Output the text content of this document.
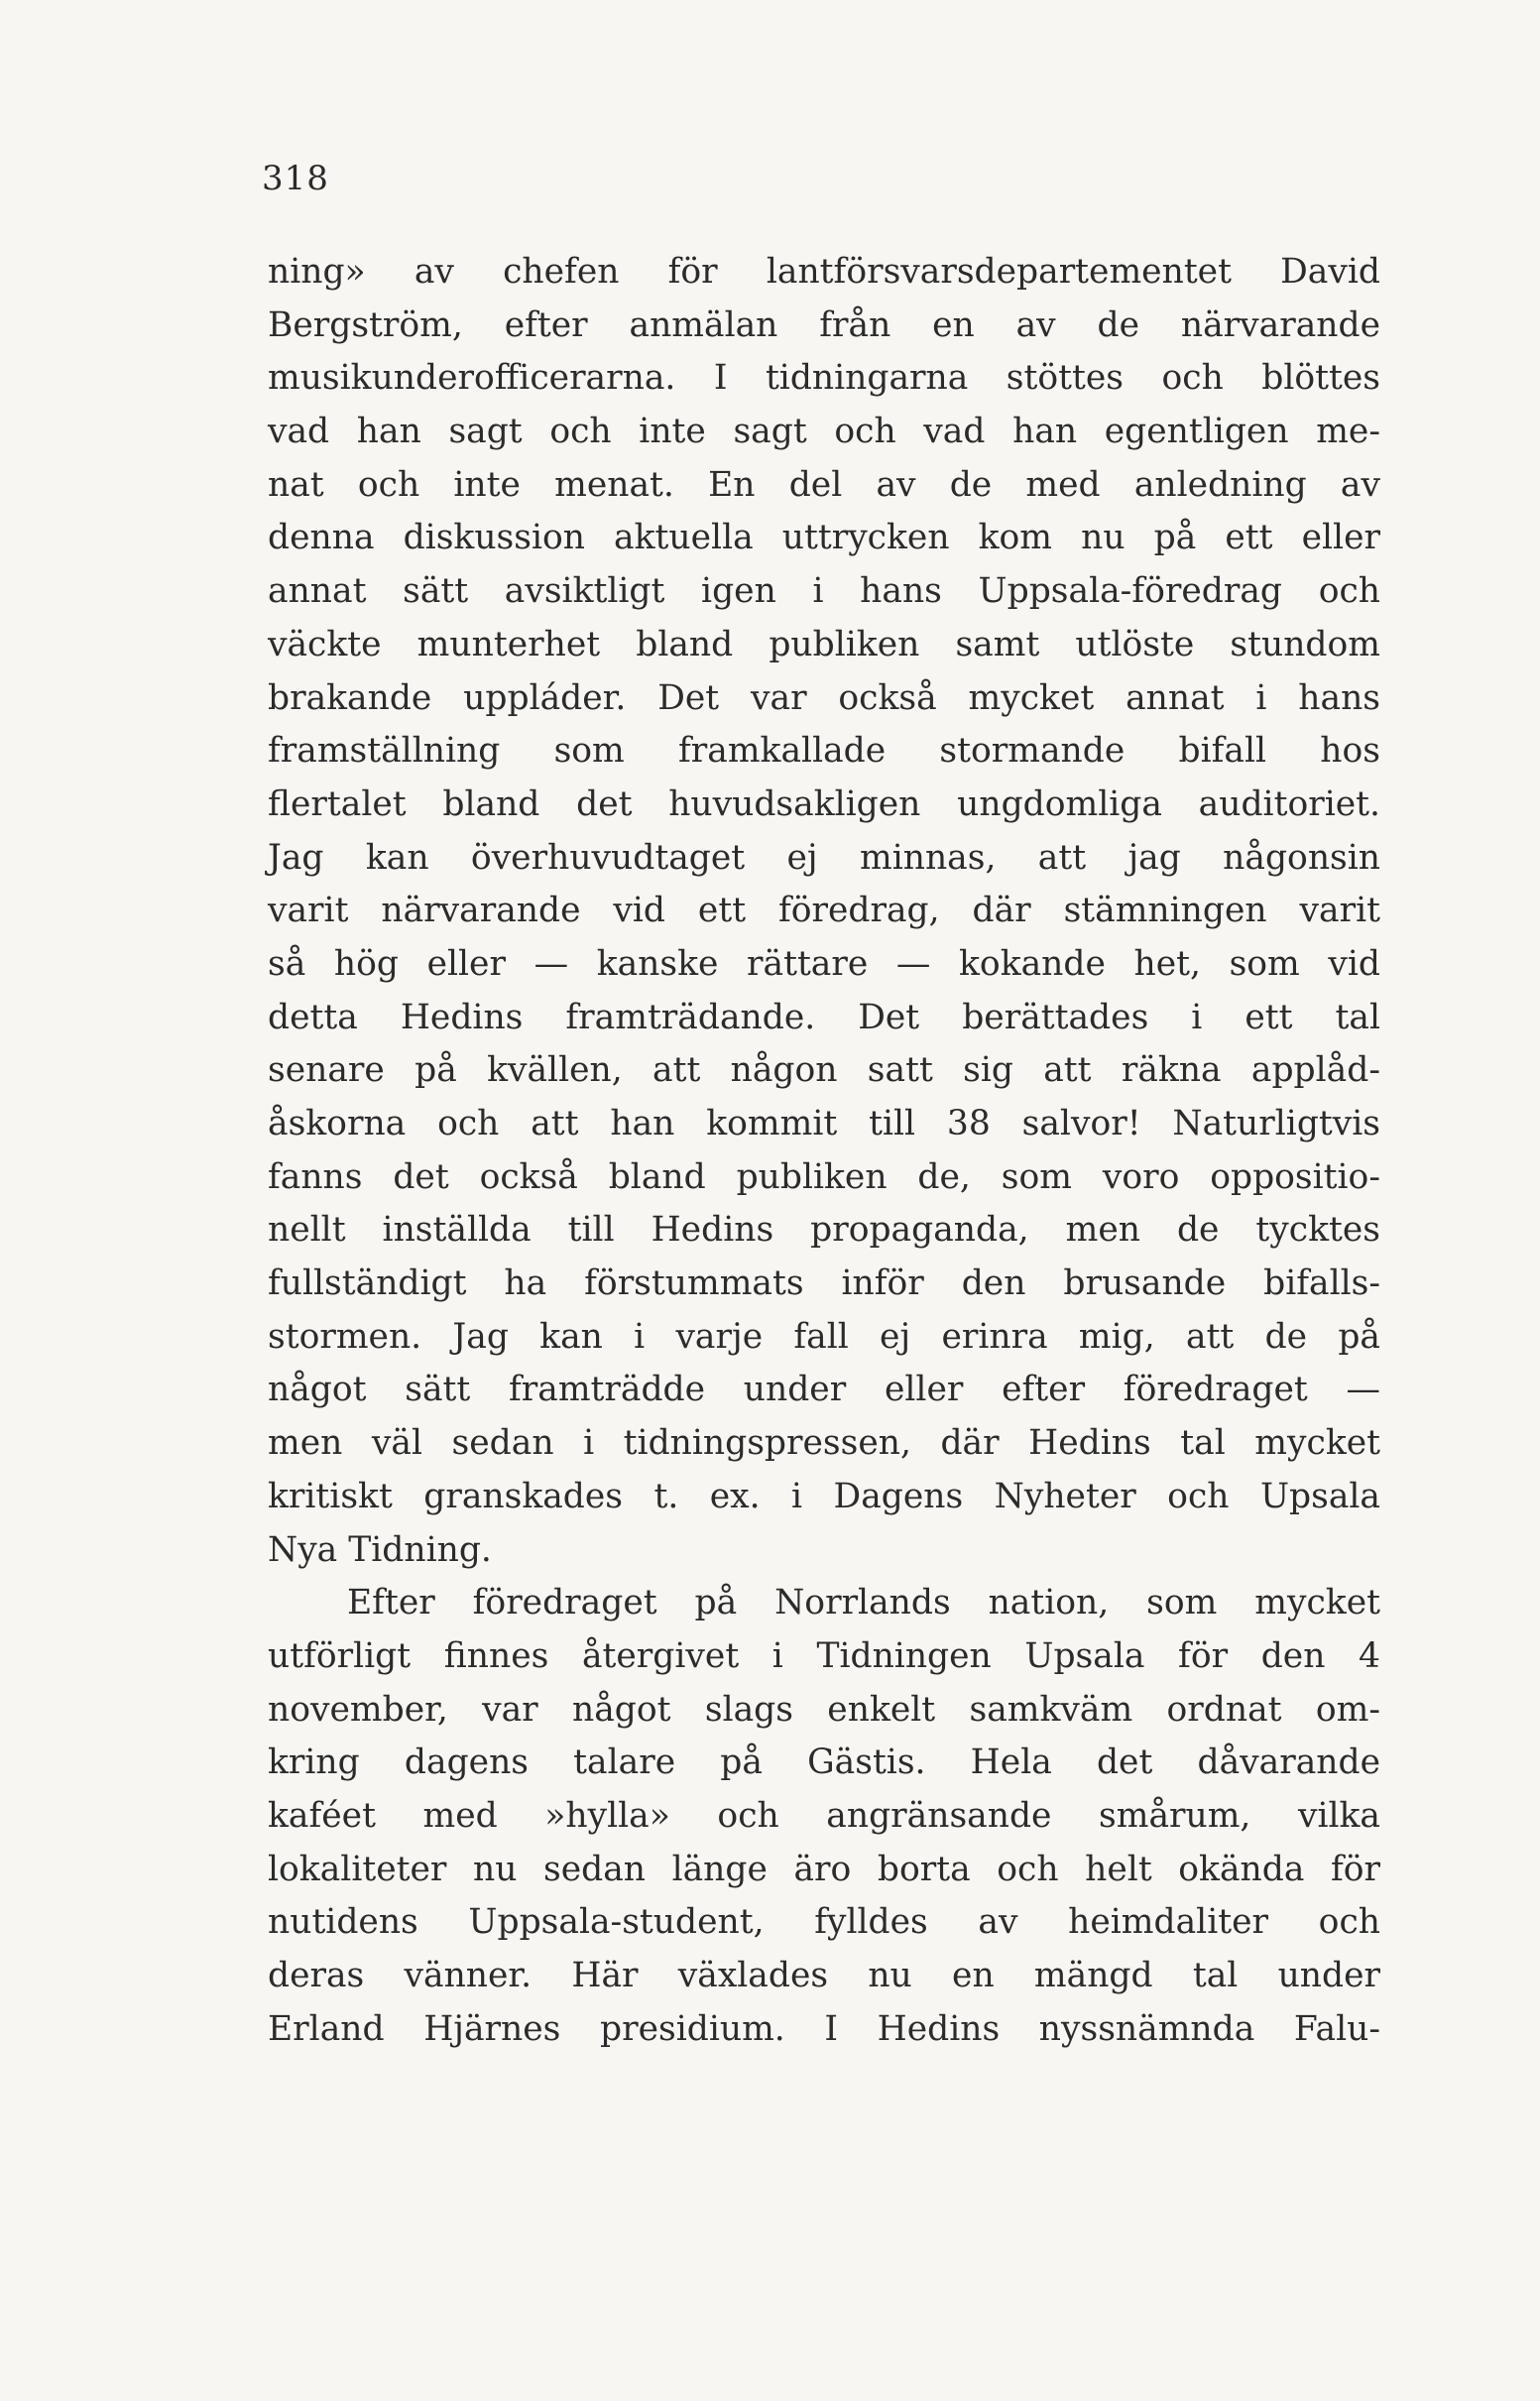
318
ning» av chefen för lantförsvarsdepartementet David
Bergström, efter anmälan från en av de närvarande
musikunderofficerarna. I tidningarna stöttes och blöttes
vad han sagt och inte sagt och vad han egentligen me-
nat och inte menat. En del av de med anledning av
denna diskussion aktuella uttrycken kom nu på ett eller
annat sätt avsiktligt igen i hans Uppsala-föredrag och
väckte munterhet bland publiken samt utlöste stundom
brakande uppláder. Det var också mycket annat i hans
framställning som framkallade stormande bifall hos
flertalet bland det huvudsakligen ungdomliga auditoriet.
Jag kan överhuvudtaget ej minnas, att jag någonsin
varit närvarande vid ett föredrag, där stämningen varit
så hög eller — kanske rättare — kokande het, som vid
detta Hedins framträdande. Det berättades i ett tal
senare på kvällen, att någon satt sig att räkna applåd-
åskorna och att han kommit till 38 salvor! Naturligtvis
fanns det också bland publiken de, som voro oppositio-
nellt inställda till Hedins propaganda, men de tycktes
fullständigt ha förstummats inför den brusande bifalls-
stormen. Jag kan i varje fall ej erinra mig, att de på
något sätt framträdde under eller efter föredraget —
men väl sedan i tidningspressen, där Hedins tal mycket
kritiskt granskades t. ex. i Dagens Nyheter och Upsala
Nya Tidning.
Efter föredraget på Norrlands nation, som mycket
utförligt finnes återgivet i Tidningen Upsala för den 4
november, var något slags enkelt samkväm ordnat om-
kring dagens talare på Gästis. Hela det dåvarande
kaféet med »hylla» och angränsande smårum, vilka
lokaliteter nu sedan länge äro borta och helt okända för
nutidens Uppsala-student, fylldes av heimdaliter och
deras vänner. Här växlades nu en mängd tal under
Erland Hjärnes presidium. I Hedins nyssnämnda Falu-
